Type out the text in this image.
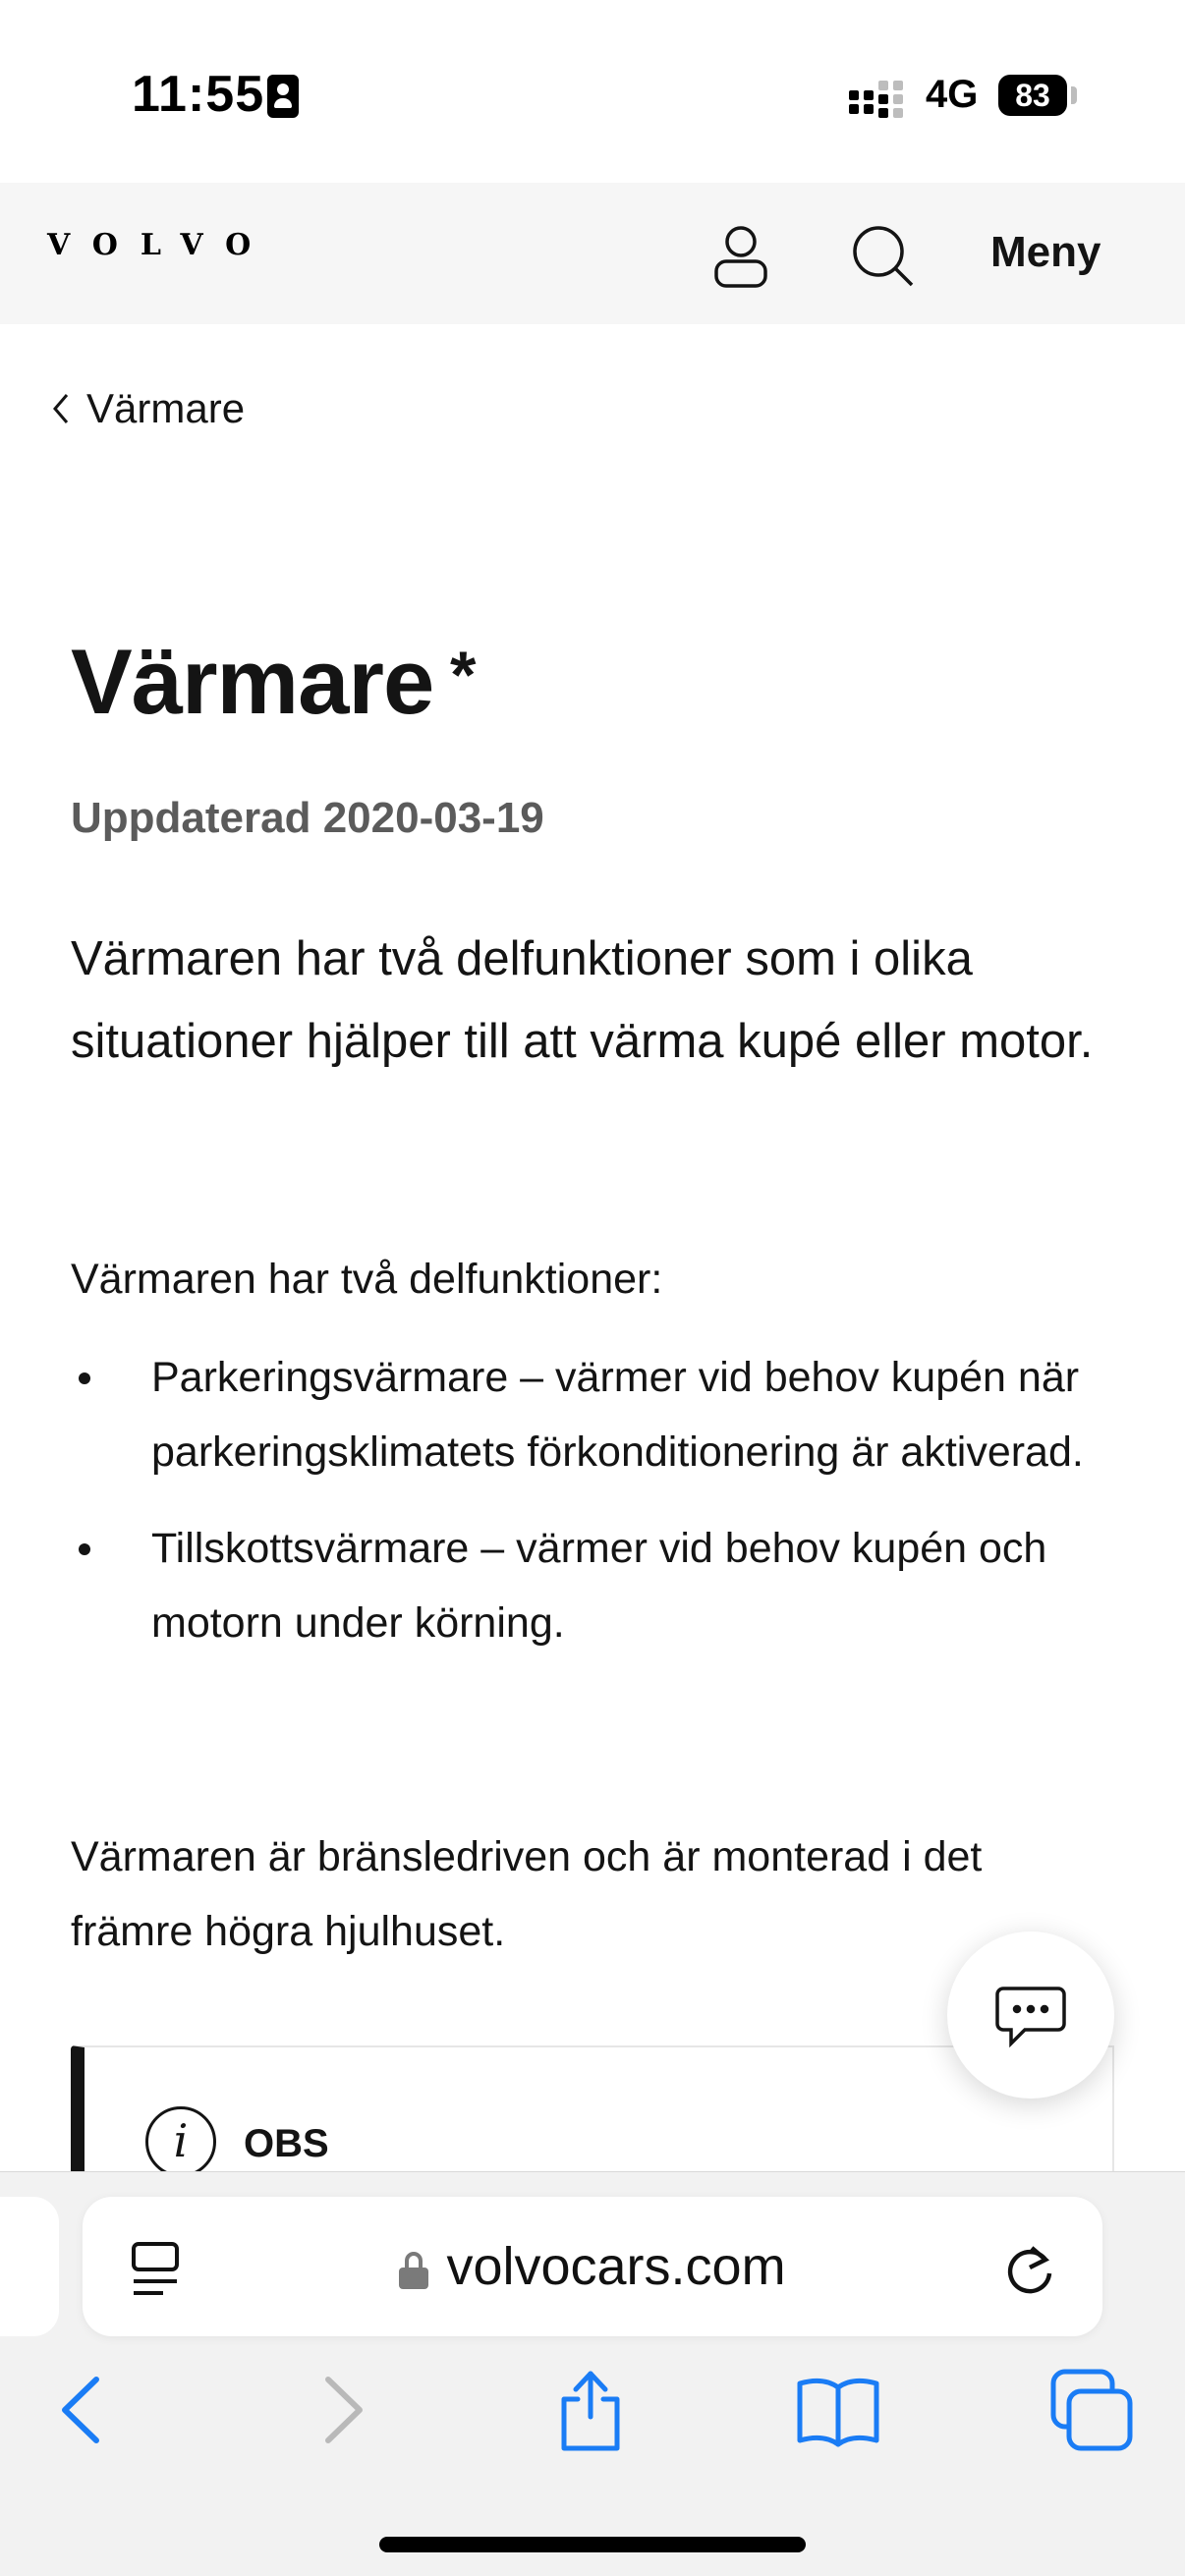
11:55	4G	83
VOLVO	Meny
Värmare
Värmare *
Uppdaterad 2020-03-19

Värmaren har två delfunktioner som i olika situationer hjälper till att värma kupé eller motor.

Värmaren har två delfunktioner:

Parkeringsvärmare – värmer vid behov kupén när parkeringsklimatets förkonditionering är aktiverad.
Tillskottsvärmare – värmer vid behov kupén och motorn under körning.

Värmaren är bränsledriven och är monterad i det främre högra hjulhuset.

i	OBS
volvocars.com
